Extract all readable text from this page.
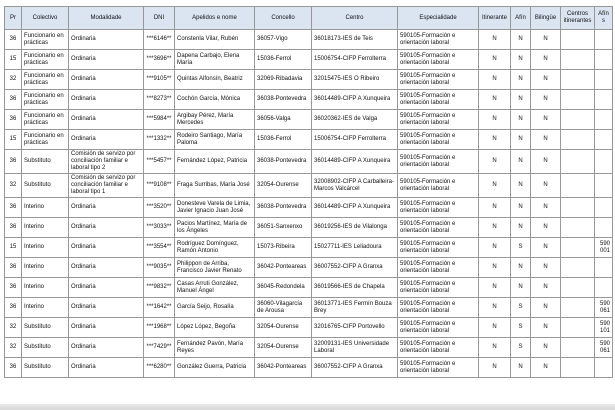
Pr	Colectivo	Modalidade	DNI	Apelidos e nome	Concello	Centro	Especialidade	Itinerante	Afín	Bilingüe	Centros itinerantes	Afíns
36	Funcionario en prácticas	Ordinaria	***6146**	Constenla Vilar, Rubén	36057-Vigo	36018173-IES de Teis	590105-Formación e orientación laboral	N	N	N		
15	Funcionario en prácticas	Ordinaria	***3696**	Dapena Carbajo, Elena María	15036-Ferrol	15006754-CIFP Ferrolterra	590105-Formación e orientación laboral	N	N	N		
32	Funcionario en prácticas	Ordinaria	***9105**	Quintas Alfonsín, Beatriz	32069-Ribadavia	32015475-IES O Ribeiro	590105-Formación e orientación laboral	N	N	N		
36	Funcionario en prácticas	Ordinaria	***8273**	Cochón García, Mónica	36038-Pontevedra	36014489-CIFP A Xunqueira	590105-Formación e orientación laboral	N	N	N		
36	Funcionario en prácticas	Ordinaria	***5984**	Argibay Pérez, María Mercedes	36056-Valga	36020362-IES de Valga	590105-Formación e orientación laboral	N	N	N		
15	Funcionario en prácticas	Ordinaria	***1332**	Rodeiro Santiago, María Paloma	15036-Ferrol	15006754-CIFP Ferrolterra	590105-Formación e orientación laboral	N	N	N		
36	Substituto	Comisión de servizo por conciliación familiar e laboral tipo 2	***5457**	Fernández López, Patricia	36038-Pontevedra	36014489-CIFP A Xunqueira	590105-Formación e orientación laboral	N	N	N		
32	Substituto	Comisión de servizo por conciliación familiar e laboral tipo 1	***9108**	Fraga Surribas, María José	32054-Ourense	32008902-CIFP A Carballeira-Marcos Valcárcel	590105-Formación e orientación laboral	N	N	N		
36	Interino	Ordinaria	***3520**	Donesteve Varela de Limia, Javier Ignacio Juan José	36038-Pontevedra	36014489-CIFP A Xunqueira	590105-Formación e orientación laboral	N	N	N		
36	Interino	Ordinaria	***3033**	Pacios Martínez, María de los Ángeles	36051-Sanxenxo	36019256-IES de Vilalonga	590105-Formación e orientación laboral	N	N	N		
15	Interino	Ordinaria	***3554**	Rodríguez Domínguez, Ramón Antonio	15073-Ribeira	15027711-IES Leliadoura	590105-Formación e orientación laboral	N	S	N		590001
36	Interino	Ordinaria	***9035**	Philippon de Arriba, Francisco Javier Renato	36042-Ponteareas	36007552-CIFP A Granxa	590105-Formación e orientación laboral	N	N	N		
36	Interino	Ordinaria	***9832**	Casas Arruti González, Manuel Ángel	36045-Redondela	36019566-IES de Chapela	590105-Formación e orientación laboral	N	N	N		
36	Interino	Ordinaria	***1642**	García Seijo, Rosalía	36060-Vilagarcía de Arousa	36013771-IES Fermín Bouza Brey	590105-Formación e orientación laboral	N	S	N		590061
32	Substituto	Ordinaria	***1968**	López López, Begoña	32054-Ourense	32016765-CIFP Portovello	590105-Formación e orientación laboral	N	S	N		590101
32	Substituto	Ordinaria	***7429**	Fernández Pavón, María Reyes	32054-Ourense	32009131-IES Universidade Laboral	590105-Formación e orientación laboral	N	S	N		590061
36	Substituto	Ordinaria	***6280**	González Guerra, Patricia	36042-Ponteareas	36007552-CIFP A Granxa	590105-Formación e orientación laboral	N	N	N		
